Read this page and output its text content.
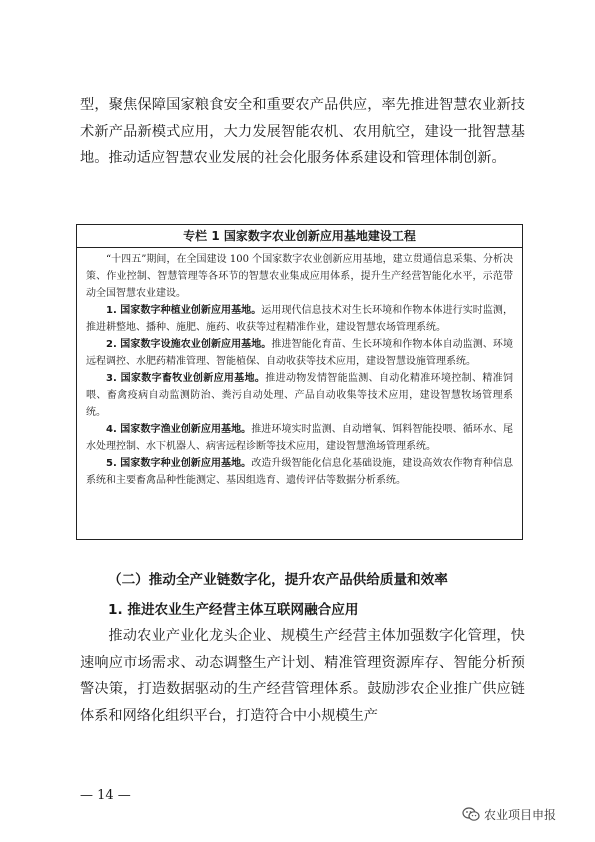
型，聚焦保障国家粮食安全和重要农产品供应，率先推进智慧农业新技术新产品新模式应用，大力发展智能农机、农用航空，建设一批智慧基地。推动适应智慧农业发展的社会化服务体系建设和管理体制创新。
专栏 1 国家数字农业创新应用基地建设工程

“十四五”期间，在全国建设 100 个国家数字农业创新应用基地，建立贯通信息采集、分析决策、作业控制、智慧管理等各环节的智慧农业集成应用体系，提升生产经营智能化水平，示范带动全国智慧农业建设。

1. 国家数字种植业创新应用基地。运用现代信息技术对生长环境和作物本体进行实时监测，推进耕整地、播种、施肥、施药、收获等过程精准作业，建设智慧农场管理系统。

2. 国家数字设施农业创新应用基地。推进智能化育苗、生长环境和作物本体自动监测、环境远程调控、水肥药精准管理、智能植保、自动收获等技术应用，建设智慧设施管理系统。

3. 国家数字畜牧业创新应用基地。推进动物发情智能监测、自动化精准环境控制、精准饲喂、畜禽疫病自动监测防治、粪污自动处理、产品自动收集等技术应用，建设智慧牧场管理系统。

4. 国家数字渔业创新应用基地。推进环境实时监测、自动增氧、饵料智能投喂、循环水、尾水处理控制、水下机器人、病害远程诊断等技术应用，建设智慧渔场管理系统。

5. 国家数字种业创新应用基地。改造升级智能化信息化基础设施，建设高效农作物育种信息系统和主要畜禽品种性能测定、基因组选育、遗传评估等数据分析系统。

（二）推动全产业链数字化，提升农产品供给质量和效率
1. 推进农业生产经营主体互联网融合应用
推动农业产业化龙头企业、规模生产经营主体加强数字化管理，快速响应市场需求、动态调整生产计划、精准管理资源库存、智能分析预警决策，打造数据驱动的生产经营管理体系。鼓励涉农企业推广供应链体系和网络化组织平台，打造符合中小规模生产
— 14 —
农业项目申报
